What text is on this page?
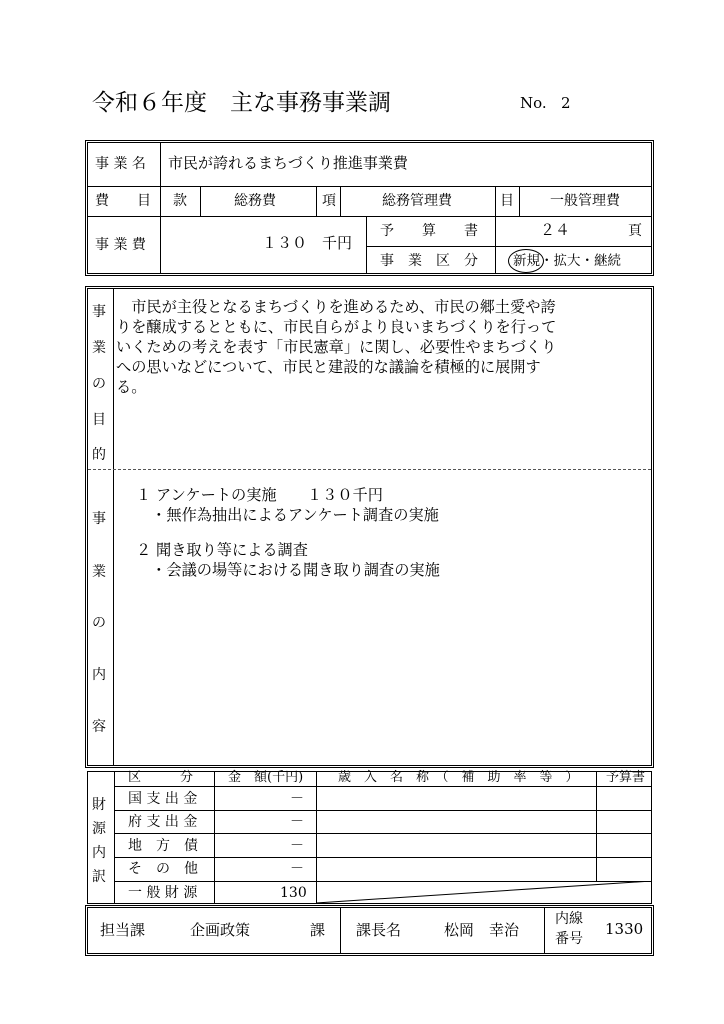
令和６年度　主な事務事業調	No. 2
事 業 名 市民が誇れるまちづくり推進事業費
費　　目 款	総務費	項	総務管理費	目	一般管理費
事 業 費	１３０　千円
予　　算　　書	２４	頁
事　業　区　分	新規・拡大・継続
事
業
の
目
的
　市民が主役となるまちづくりを進めるため、市民の郷土愛や誇
りを醸成するとともに、市民自らがより良いまちづくりを行って
いくための考えを表す「市民憲章」に関し、必要性やまちづくり
への思いなどについて、市民と建設的な議論を積極的に展開す
る。
事
業
の
内
容
１ アンケートの実施　　１３０千円
　・無作為抽出によるアンケート調査の実施
２ 聞き取り等による調査
　・会議の場等における聞き取り調査の実施
財
源
内
訳
区　　　分	金　額(千円)	歳　入　名　称　（　補　助　率　等　） 予算書
国 支 出 金	－
府 支 出 金	－
地　方　債	－
そ　の　他	－
一 般 財 源	130
担当課	企画政策	課 課長名	松岡　幸治
内線
番号
1330
